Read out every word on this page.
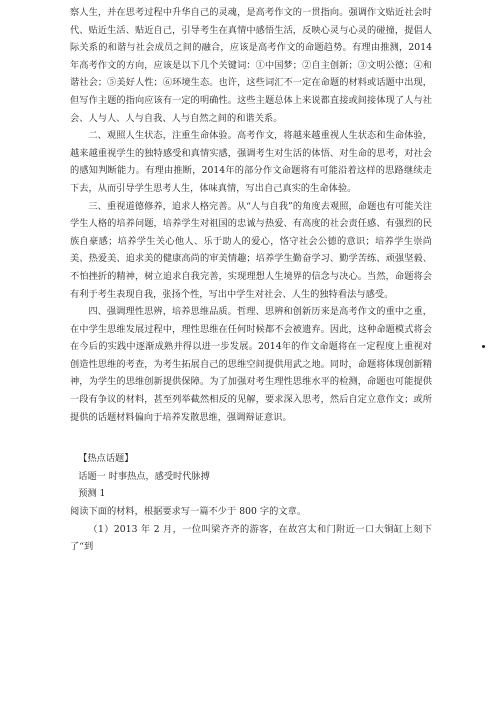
察人生，并在思考过程中升华自己的灵魂，是高考作文的一贯指向。强调作文贴近社会时代、贴近生活、贴近自己，引导考生在真情中感悟生活，反映心灵与心灵的碰撞，提倡人际关系的和谐与社会成员之间的融合，应该是高考作文的命题趋势。有理由推测，2014年高考作文的方向，应该是以下几个关键词：①中国梦；②自主创新；③文明公德；④和谐社会；⑤美好人性；⑥环境生态。也许，这些词汇不一定在命题的材料或话题中出现，但写作主题的指向应该有一定的明确性。这些主题总体上来说都直接或间接体现了人与社会、人与人、人与自我、人与自然之间的和谐关系。

二、观照人生状态，注重生命体验。高考作文，将越来越重视人生状态和生命体验，越来越重视学生的独特感受和真情实感，强调考生对生活的体悟、对生命的思考，对社会的感知判断能力。有理由推断，2014年的部分作文命题将有可能沿着这样的思路继续走下去，从而引导学生思考人生，体味真情，写出自己真实的生命体验。

三、重视道德修养，追求人格完善。从“人与自我”的角度去观照，命题也有可能关注学生人格的培养问题，培养学生对祖国的忠诚与热爱、有高度的社会责任感、有强烈的民族自豪感；培养学生关心他人、乐于助人的爱心，恪守社会公德的意识；培养学生崇尚美、热爱美、追求美的健康高尚的审美情趣；培养学生勤奋学习、勤学苦练、顽强坚毅、不怕挫折的精神，树立追求自我完善，实现理想人生境界的信念与决心。当然，命题将会有利于考生表现自我，张扬个性，写出中学生对社会、人生的独特看法与感受。

四、强调理性思辨，培养思维品质。哲理、思辨和创新历来是高考作文的重中之重，在中学生思维发展过程中，理性思维在任何时候都不会被遗弃。因此，这种命题模式将会在今后的实践中逐渐成熟并得以进一步发展。2014年的作文命题将在一定程度上重视对创造性思维的考查，为考生拓展自己的思维空间提供用武之地。同时，命题将体现创新精神，为学生的思维创新提供保障。为了加强对考生理性思维水平的检测，命题也可能提供一段有争议的材料，甚至列举截然相反的见解，要求深入思考，然后自定立意作文；或所提供的话题材料偏向于培养发散思维，强调辩证意识。

【热点话题】

话题一 时事热点，感受时代脉搏

预测 1

阅读下面的材料，根据要求写一篇不少于 800 字的文章。

（1）2013 年 2 月，一位叫梁齐齐的游客，在故宫太和门附近一口大铜缸上刻下了“到
